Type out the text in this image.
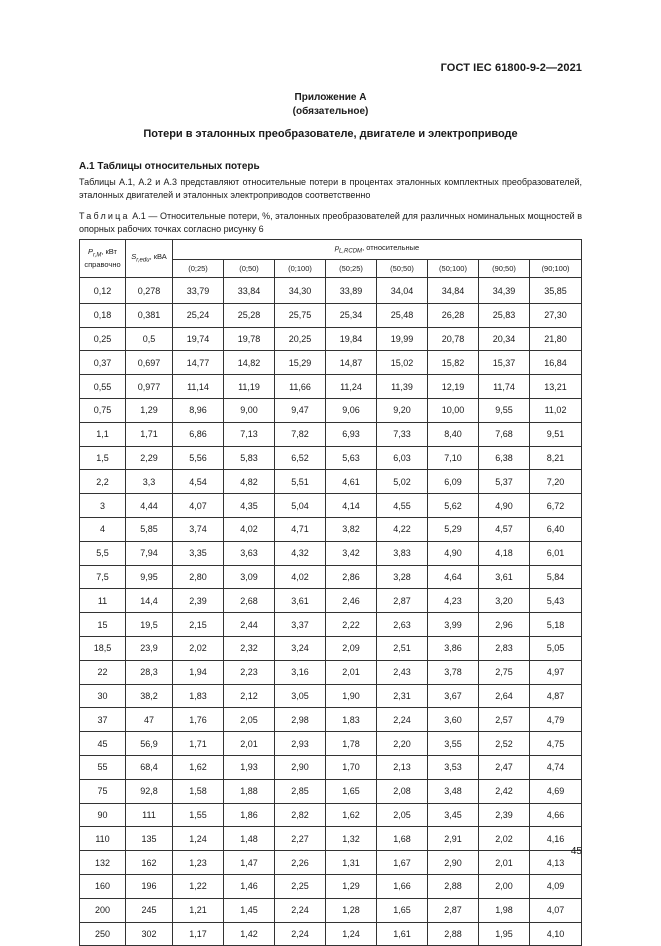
ГОСТ IEC 61800-9-2—2021
Приложение А
(обязательное)
Потери в эталонных преобразователе, двигателе и электроприводе
А.1 Таблицы относительных потерь
Таблицы А.1, А.2 и А.3 представляют относительные потери в процентах эталонных комплектных преобразователей, эталонных двигателей и эталонных электроприводов соответственно
Таблица А.1 — Относительные потери, %, эталонных преобразователей для различных номинальных мощностей в опорных рабочих точках согласно рисунку 6
$P_{r,M}$, кВт
справочно	$S_{r,edu}$, кВА	$p_{L,RCDM}$, относительные							
		(0;25)	(0;50)	(0;100)	(50;25)	(50;50)	(50;100)	(90;50)	(90;100)
0,12	0,278	33,79	33,84	34,30	33,89	34,04	34,84	34,39	35,85
0,18	0,381	25,24	25,28	25,75	25,34	25,48	26,28	25,83	27,30
0,25	0,5	19,74	19,78	20,25	19,84	19,99	20,78	20,34	21,80
0,37	0,697	14,77	14,82	15,29	14,87	15,02	15,82	15,37	16,84
0,55	0,977	11,14	11,19	11,66	11,24	11,39	12,19	11,74	13,21
0,75	1,29	8,96	9,00	9,47	9,06	9,20	10,00	9,55	11,02
1,1	1,71	6,86	7,13	7,82	6,93	7,33	8,40	7,68	9,51
1,5	2,29	5,56	5,83	6,52	5,63	6,03	7,10	6,38	8,21
2,2	3,3	4,54	4,82	5,51	4,61	5,02	6,09	5,37	7,20
3	4,44	4,07	4,35	5,04	4,14	4,55	5,62	4,90	6,72
4	5,85	3,74	4,02	4,71	3,82	4,22	5,29	4,57	6,40
5,5	7,94	3,35	3,63	4,32	3,42	3,83	4,90	4,18	6,01
7,5	9,95	2,80	3,09	4,02	2,86	3,28	4,64	3,61	5,84
11	14,4	2,39	2,68	3,61	2,46	2,87	4,23	3,20	5,43
15	19,5	2,15	2,44	3,37	2,22	2,63	3,99	2,96	5,18
18,5	23,9	2,02	2,32	3,24	2,09	2,51	3,86	2,83	5,05
22	28,3	1,94	2,23	3,16	2,01	2,43	3,78	2,75	4,97
30	38,2	1,83	2,12	3,05	1,90	2,31	3,67	2,64	4,87
37	47	1,76	2,05	2,98	1,83	2,24	3,60	2,57	4,79
45	56,9	1,71	2,01	2,93	1,78	2,20	3,55	2,52	4,75
55	68,4	1,62	1,93	2,90	1,70	2,13	3,53	2,47	4,74
75	92,8	1,58	1,88	2,85	1,65	2,08	3,48	2,42	4,69
90	111	1,55	1,86	2,82	1,62	2,05	3,45	2,39	4,66
110	135	1,24	1,48	2,27	1,32	1,68	2,91	2,02	4,16
132	162	1,23	1,47	2,26	1,31	1,67	2,90	2,01	4,13
160	196	1,22	1,46	2,25	1,29	1,66	2,88	2,00	4,09
200	245	1,21	1,45	2,24	1,28	1,65	2,87	1,98	4,07
250	302	1,17	1,42	2,24	1,24	1,61	2,88	1,95	4,10
45
